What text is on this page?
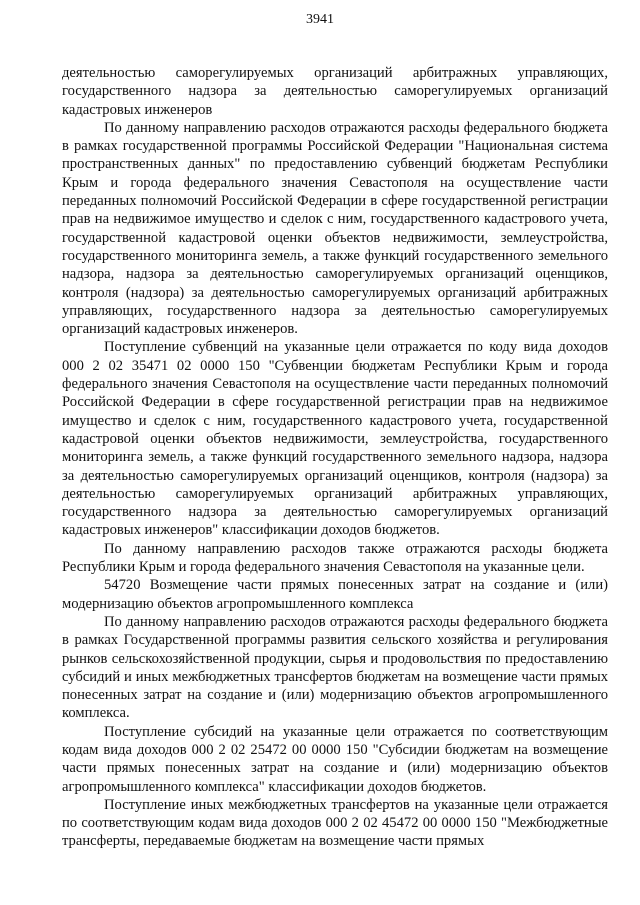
3941

деятельностью саморегулируемых организаций арбитражных управляющих, государственного надзора за деятельностью саморегулируемых организаций кадастровых инженеров

По данному направлению расходов отражаются расходы федерального бюджета в рамках государственной программы Российской Федерации "Национальная система пространственных данных" по предоставлению субвенций бюджетам Республики Крым и города федерального значения Севастополя на осуществление части переданных полномочий Российской Федерации в сфере государственной регистрации прав на недвижимое имущество и сделок с ним, государственного кадастрового учета, государственной кадастровой оценки объектов недвижимости, землеустройства, государственного мониторинга земель, а также функций государственного земельного надзора, надзора за деятельностью саморегулируемых организаций оценщиков, контроля (надзора) за деятельностью саморегулируемых организаций арбитражных управляющих, государственного надзора за деятельностью саморегулируемых организаций кадастровых инженеров.

Поступление субвенций на указанные цели отражается по коду вида доходов 000 2 02 35471 02 0000 150 "Субвенции бюджетам Республики Крым и города федерального значения Севастополя на осуществление части переданных полномочий Российской Федерации в сфере государственной регистрации прав на недвижимое имущество и сделок с ним, государственного кадастрового учета, государственной кадастровой оценки объектов недвижимости, землеустройства, государственного мониторинга земель, а также функций государственного земельного надзора, надзора за деятельностью саморегулируемых организаций оценщиков, контроля (надзора) за деятельностью саморегулируемых организаций арбитражных управляющих, государственного надзора за деятельностью саморегулируемых организаций кадастровых инженеров" классификации доходов бюджетов.

По данному направлению расходов также отражаются расходы бюджета Республики Крым и города федерального значения Севастополя на указанные цели.

54720 Возмещение части прямых понесенных затрат на создание и (или) модернизацию объектов агропромышленного комплекса

По данному направлению расходов отражаются расходы федерального бюджета в рамках Государственной программы развития сельского хозяйства и регулирования рынков сельскохозяйственной продукции, сырья и продовольствия по предоставлению субсидий и иных межбюджетных трансфертов бюджетам на возмещение части прямых понесенных затрат на создание и (или) модернизацию объектов агропромышленного комплекса.

Поступление субсидий на указанные цели отражается по соответствующим кодам вида доходов 000 2 02 25472 00 0000 150 "Субсидии бюджетам на возмещение части прямых понесенных затрат на создание и (или) модернизацию объектов агропромышленного комплекса" классификации доходов бюджетов.

Поступление иных межбюджетных трансфертов на указанные цели отражается по соответствующим кодам вида доходов 000 2 02 45472 00 0000 150 "Межбюджетные трансферты, передаваемые бюджетам на возмещение части прямых
